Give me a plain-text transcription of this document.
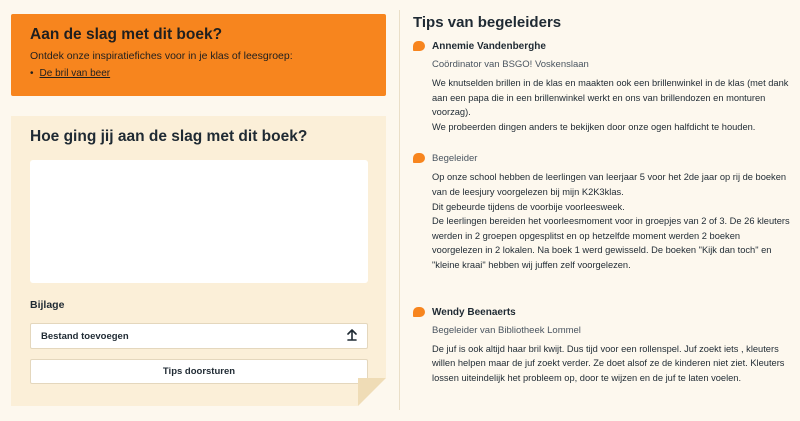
Aan de slag met dit boek?

Ontdek onze inspiratiefiches voor in je klas of leesgroep:

• De bril van beer
Hoe ging jij aan de slag met dit boek?
Bijlage
Bestand toevoegen
Tips doorsturen
Tips van begeleiders
Annemie Vandenberghe
Coördinator van BSGO! Voskenslaan

We knutselden brillen in de klas en maakten ook een brillenwinkel in de klas (met dank aan een papa die in een brillenwinkel werkt en ons van brillendozen en monturen voorzag).

We probeerden dingen anders te bekijken door onze ogen halfdicht te houden.

Begeleider

Op onze school hebben de leerlingen van leerjaar 5 voor het 2de jaar op rij de boeken van de leesjury voorgelezen bij mijn K2K3klas.

Dit gebeurde tijdens de voorbije voorleesweek.

De leerlingen bereiden het voorleesmoment voor in groepjes van 2 of 3. De 26 kleuters werden in 2 groepen opgesplitst en op hetzelfde moment werden 2 boeken voorgelezen in 2 lokalen. Na boek 1 werd gewisseld. De boeken "Kijk dan toch" en "kleine kraai" hebben wij juffen zelf voorgelezen.

Wendy Beenaerts
Begeleider van Bibliotheek Lommel

De juf is ook altijd haar bril kwijt. Dus tijd voor een rollenspel. Juf zoekt iets , kleuters willen helpen maar de juf zoekt verder. Ze doet alsof ze de kinderen niet ziet. Kleuters lossen uiteindelijk het probleem op, door te wijzen en de juf te laten voelen.
